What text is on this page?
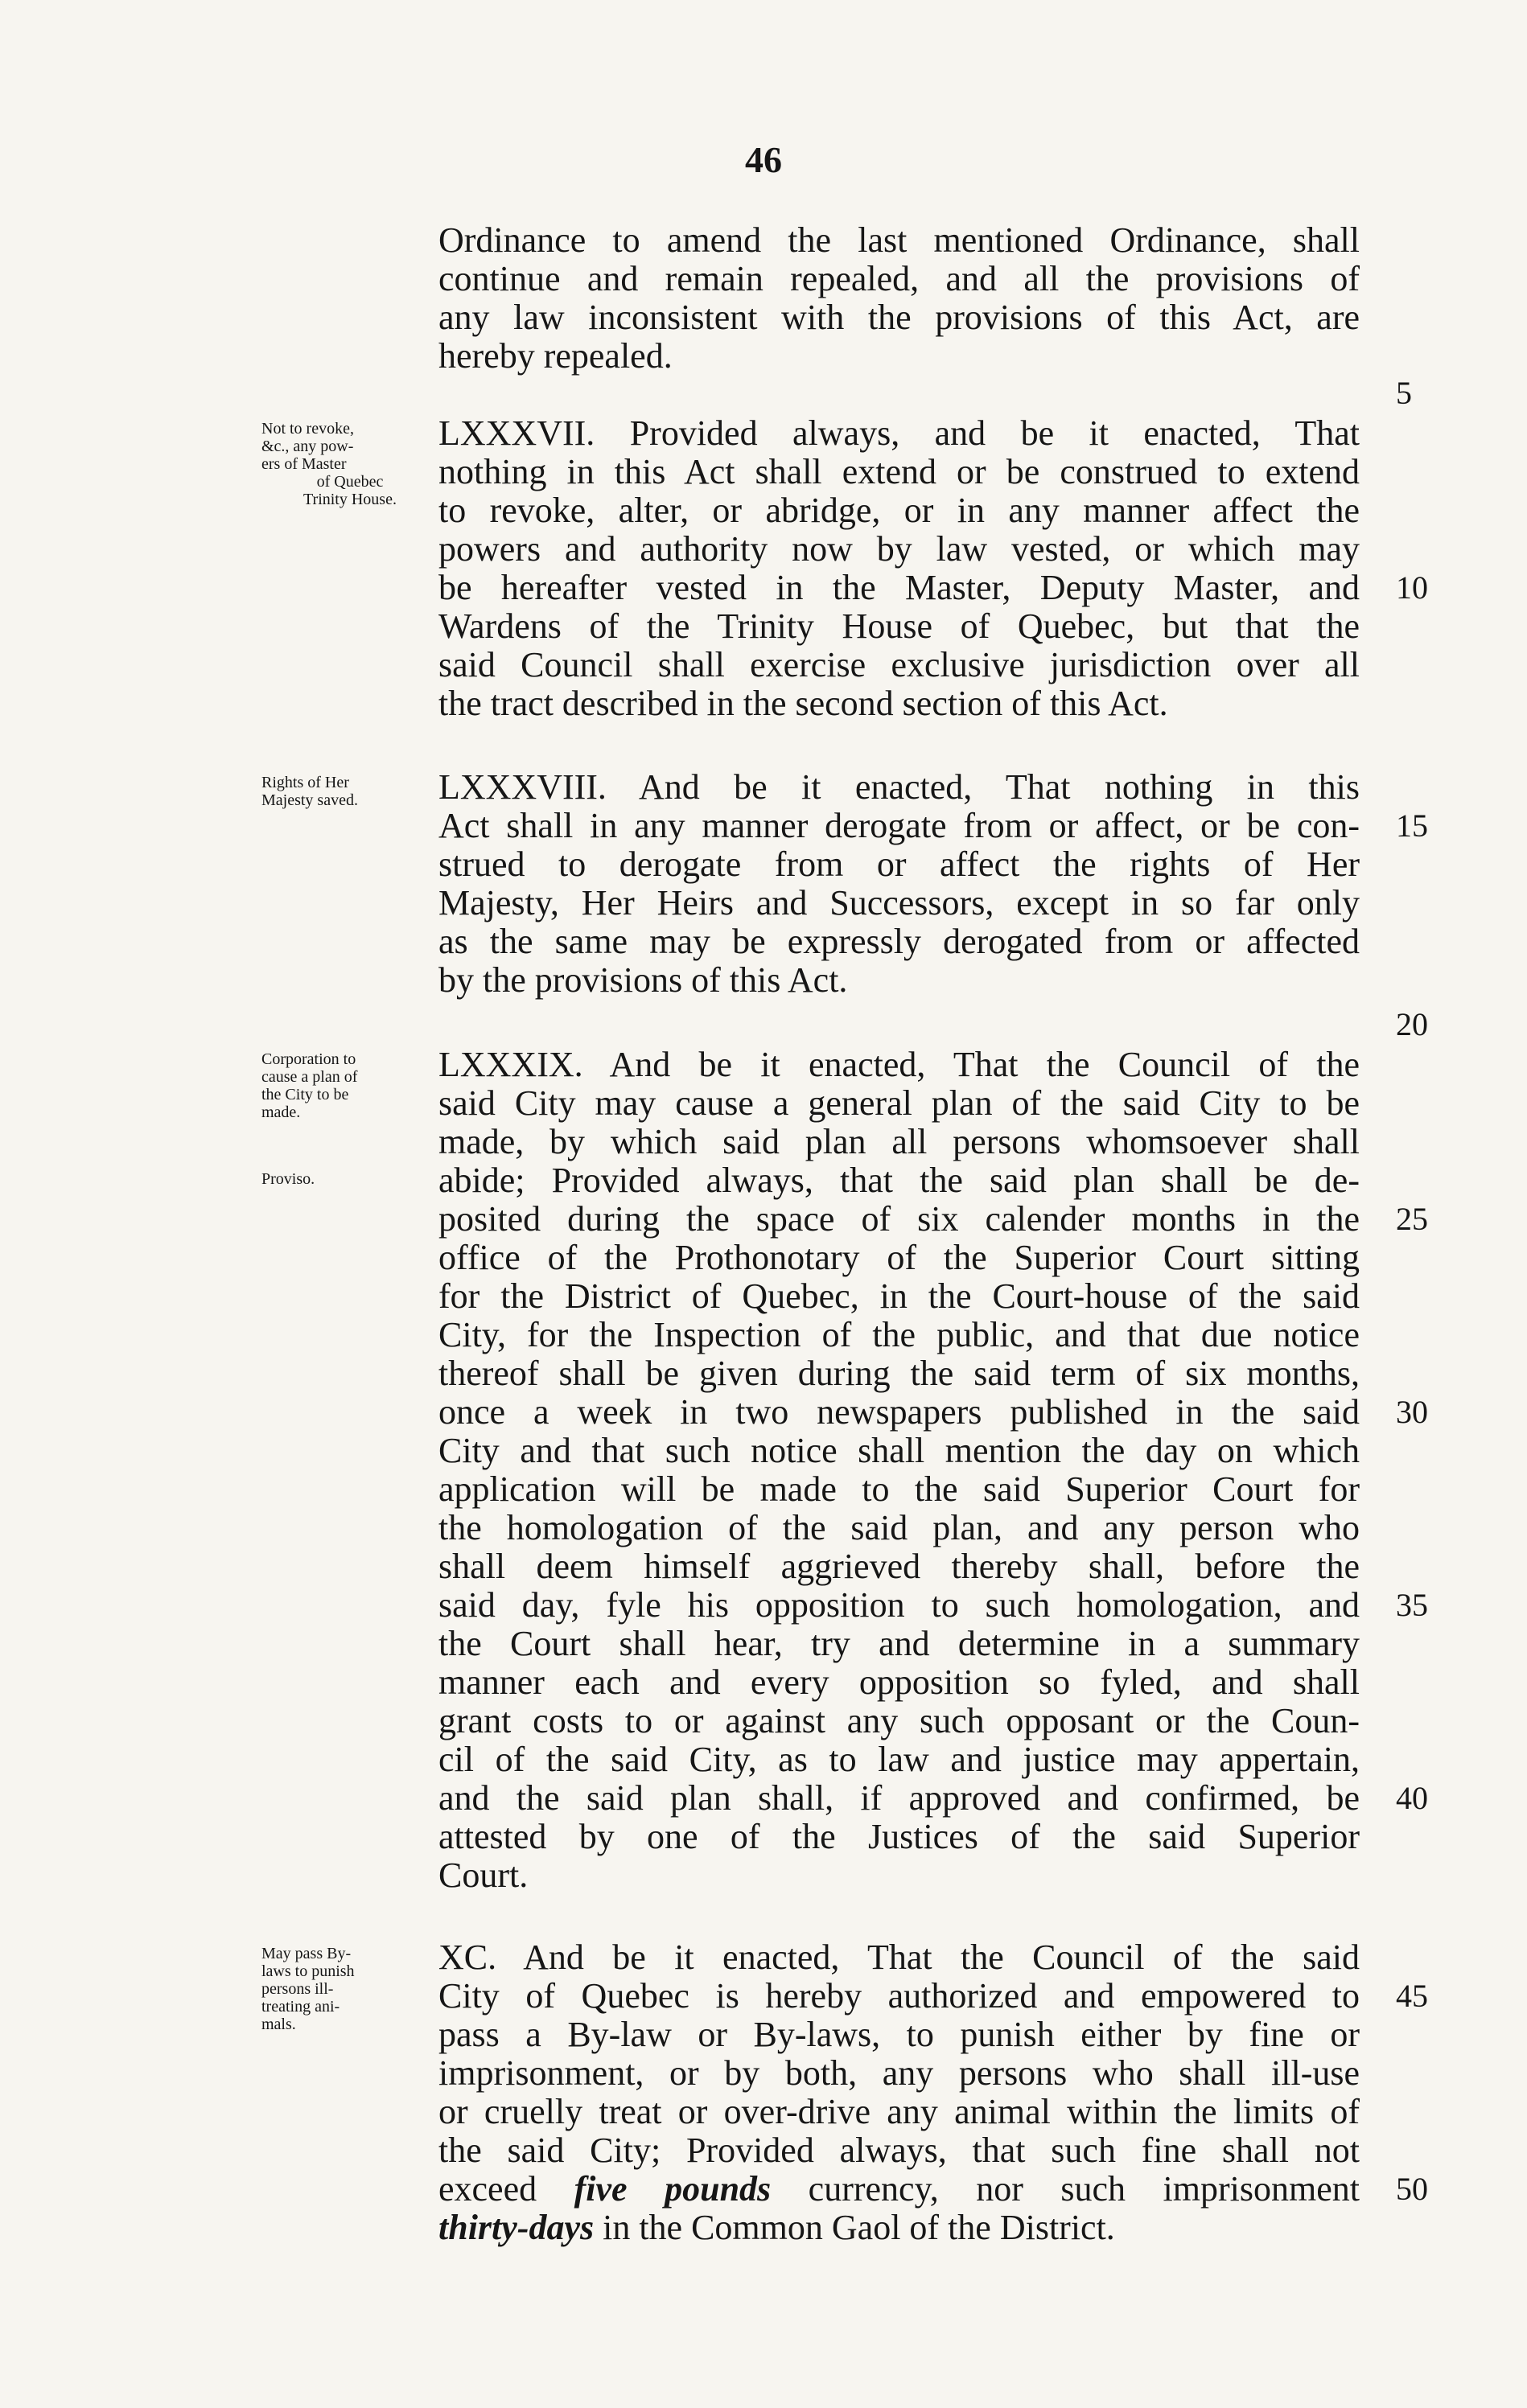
46
Ordinance to amend the last mentioned Ordinance, shall
continue and remain repealed, and all the provisions of
any law inconsistent with the provisions of this Act, are
hereby repealed.
LXXXVII. Provided always, and be it enacted, That
nothing in this Act shall extend or be construed to extend
to revoke, alter, or abridge, or in any manner affect the
powers and authority now by law vested, or which may
be hereafter vested in the Master, Deputy Master, and
Wardens of the Trinity House of Quebec, but that the
said Council shall exercise exclusive jurisdiction over all
the tract described in the second section of this Act.
LXXXVIII. And be it enacted, That nothing in this
Act shall in any manner derogate from or affect, or be con-
strued to derogate from or affect the rights of Her
Majesty, Her Heirs and Successors, except in so far only
as the same may be expressly derogated from or affected
by the provisions of this Act.
LXXXIX. And be it enacted, That the Council of the
said City may cause a general plan of the said City to be
made, by which said plan all persons whomsoever shall
abide; Provided always, that the said plan shall be de-
posited during the space of six calender months in the
office of the Prothonotary of the Superior Court sitting
for the District of Quebec, in the Court-house of the said
City, for the Inspection of the public, and that due notice
thereof shall be given during the said term of six months,
once a week in two newspapers published in the said
City and that such notice shall mention the day on which
application will be made to the said Superior Court for
the homologation of the said plan, and any person who
shall deem himself aggrieved thereby shall, before the
said day, fyle his opposition to such homologation, and
the Court shall hear, try and determine in a summary
manner each and every opposition so fyled, and shall
grant costs to or against any such opposant or the Coun-
cil of the said City, as to law and justice may appertain,
and the said plan shall, if approved and confirmed, be
attested by one of the Justices of the said Superior
Court.
XC. And be it enacted, That the Council of the said
City of Quebec is hereby authorized and empowered to
pass a By-law or By-laws, to punish either by fine or
imprisonment, or by both, any persons who shall ill-use
or cruelly treat or over-drive any animal within the limits of
the said City; Provided always, that such fine shall not
exceed five pounds currency, nor such imprisonment
thirty-days in the Common Gaol of the District.
Not to revoke,
&c., any pow-
ers of Master
of Quebec
Trinity House.
Rights of Her
Majesty saved.
Corporation to
cause a plan of
the City to be
made.
Proviso.
May pass By-
laws to punish
persons ill-
treating ani-
mals.
5
10
15
20
25
30
35
40
45
50
